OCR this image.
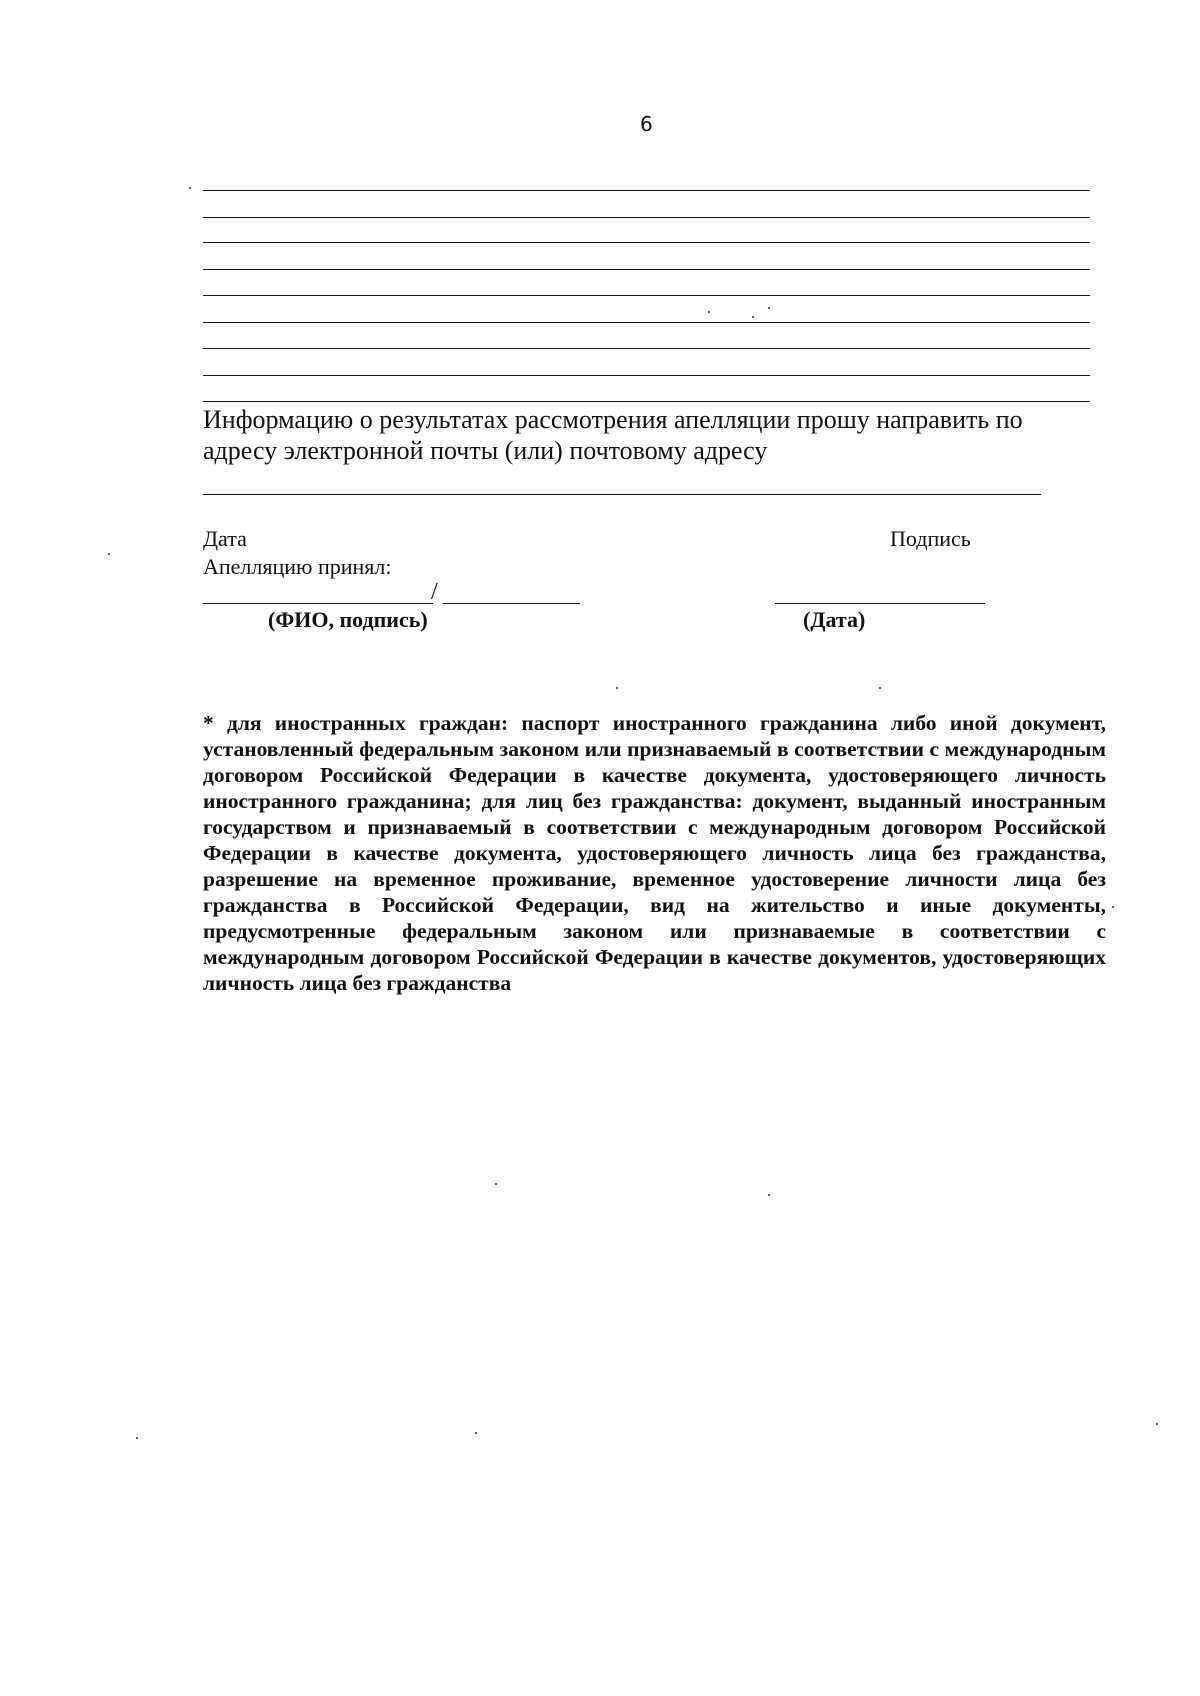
6
Информацию о результатах рассмотрения апелляции прошу направить по адресу электронной почты (или) почтовому адресу
Дата	Подпись
Апелляцию принял:
/
(ФИО, подпись)	(Дата)
* для иностранных граждан: паспорт иностранного гражданина либо иной документ, установленный федеральным законом или признаваемый в соответствии с международным договором Российской Федерации в качестве документа, удостоверяющего личность иностранного гражданина; для лиц без гражданства: документ, выданный иностранным государством и признаваемый в соответствии с международным договором Российской Федерации в качестве документа, удостоверяющего личность лица без гражданства, разрешение на временное проживание, временное удостоверение личности лица без гражданства в Российской Федерации, вид на жительство и иные документы, предусмотренные федеральным законом или признаваемые в соответствии с международным договором Российской Федерации в качестве документов, удостоверяющих личность лица без гражданства
